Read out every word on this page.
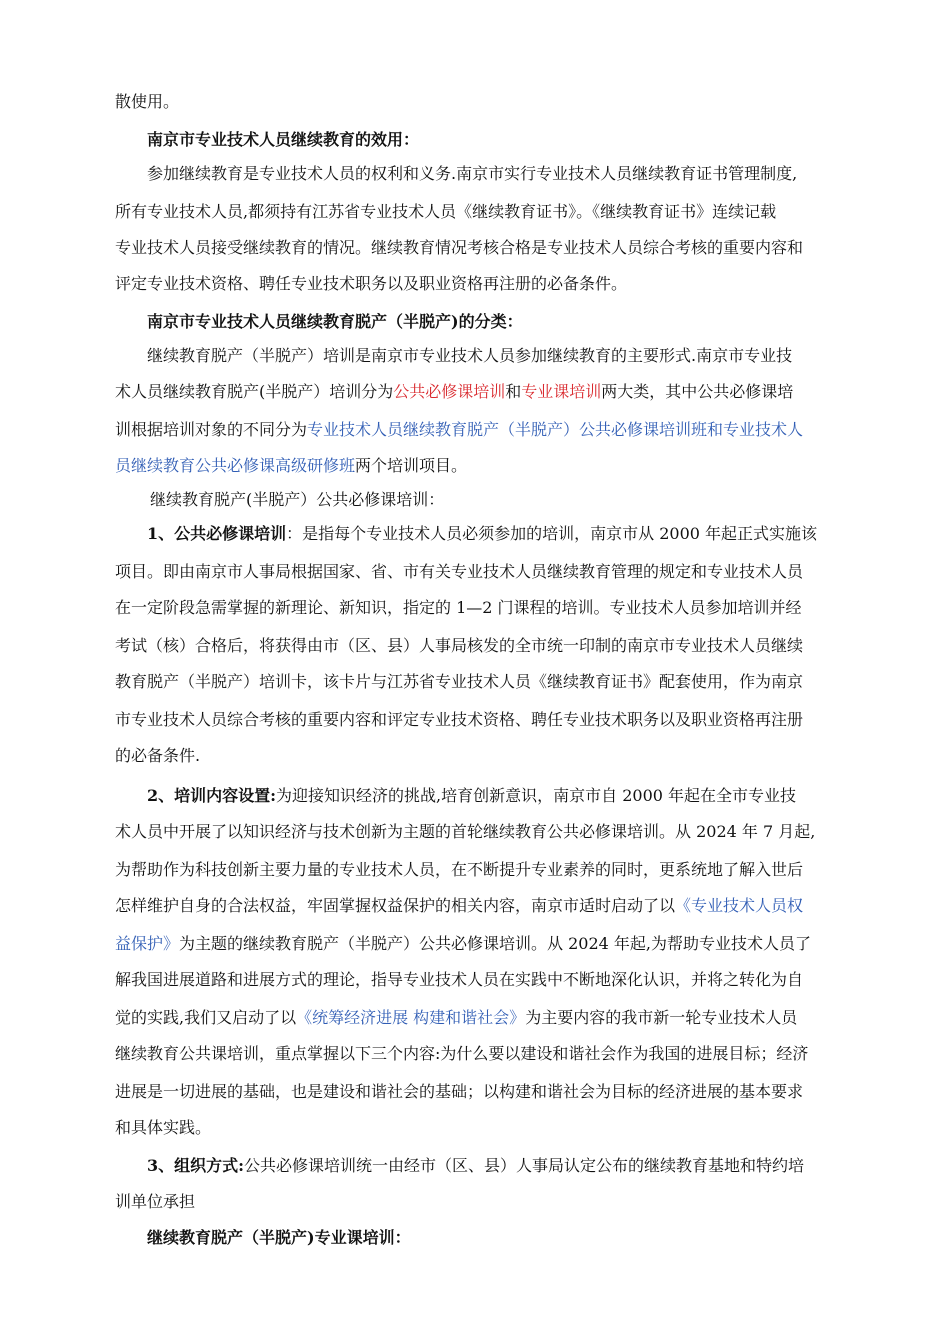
散使用。
南京市专业技术人员继续教育的效用：
参加继续教育是专业技术人员的权利和义务.南京市实行专业技术人员继续教育证书管理制度,
所有专业技术人员,都须持有江苏省专业技术人员《继续教育证书》。《继续教育证书》连续记载
专业技术人员接受继续教育的情况。继续教育情况考核合格是专业技术人员综合考核的重要内容和
评定专业技术资格、聘任专业技术职务以及职业资格再注册的必备条件。
南京市专业技术人员继续教育脱产（半脱产)的分类：
继续教育脱产（半脱产）培训是南京市专业技术人员参加继续教育的主要形式.南京市专业技
术人员继续教育脱产(半脱产）培训分为公共必修课培训和专业课培训两大类，其中公共必修课培
训根据培训对象的不同分为专业技术人员继续教育脱产（半脱产）公共必修课培训班和专业技术人
员继续教育公共必修课高级研修班两个培训项目。
继续教育脱产(半脱产）公共必修课培训：
1、公共必修课培训：是指每个专业技术人员必须参加的培训，南京市从 2000 年起正式实施该
项目。即由南京市人事局根据国家、省、市有关专业技术人员继续教育管理的规定和专业技术人员
在一定阶段急需掌握的新理论、新知识，指定的 1—2 门课程的培训。专业技术人员参加培训并经
考试（核）合格后，将获得由市（区、县）人事局核发的全市统一印制的南京市专业技术人员继续
教育脱产（半脱产）培训卡，该卡片与江苏省专业技术人员《继续教育证书》配套使用，作为南京
市专业技术人员综合考核的重要内容和评定专业技术资格、聘任专业技术职务以及职业资格再注册
的必备条件.
2、培训内容设置:为迎接知识经济的挑战,培育创新意识，南京市自 2000 年起在全市专业技
术人员中开展了以知识经济与技术创新为主题的首轮继续教育公共必修课培训。从 2024 年 7 月起,
为帮助作为科技创新主要力量的专业技术人员，在不断提升专业素养的同时，更系统地了解入世后
怎样维护自身的合法权益，牢固掌握权益保护的相关内容，南京市适时启动了以《专业技术人员权
益保护》为主题的继续教育脱产（半脱产）公共必修课培训。从 2024 年起,为帮助专业技术人员了
解我国进展道路和进展方式的理论，指导专业技术人员在实践中不断地深化认识，并将之转化为自
觉的实践,我们又启动了以《统筹经济进展 构建和谐社会》为主要内容的我市新一轮专业技术人员
继续教育公共课培训，重点掌握以下三个内容:为什么要以建设和谐社会作为我国的进展目标；经济
进展是一切进展的基础，也是建设和谐社会的基础；以构建和谐社会为目标的经济进展的基本要求
和具体实践。
3、组织方式:公共必修课培训统一由经市（区、县）人事局认定公布的继续教育基地和特约培
训单位承担
继续教育脱产（半脱产)专业课培训：
